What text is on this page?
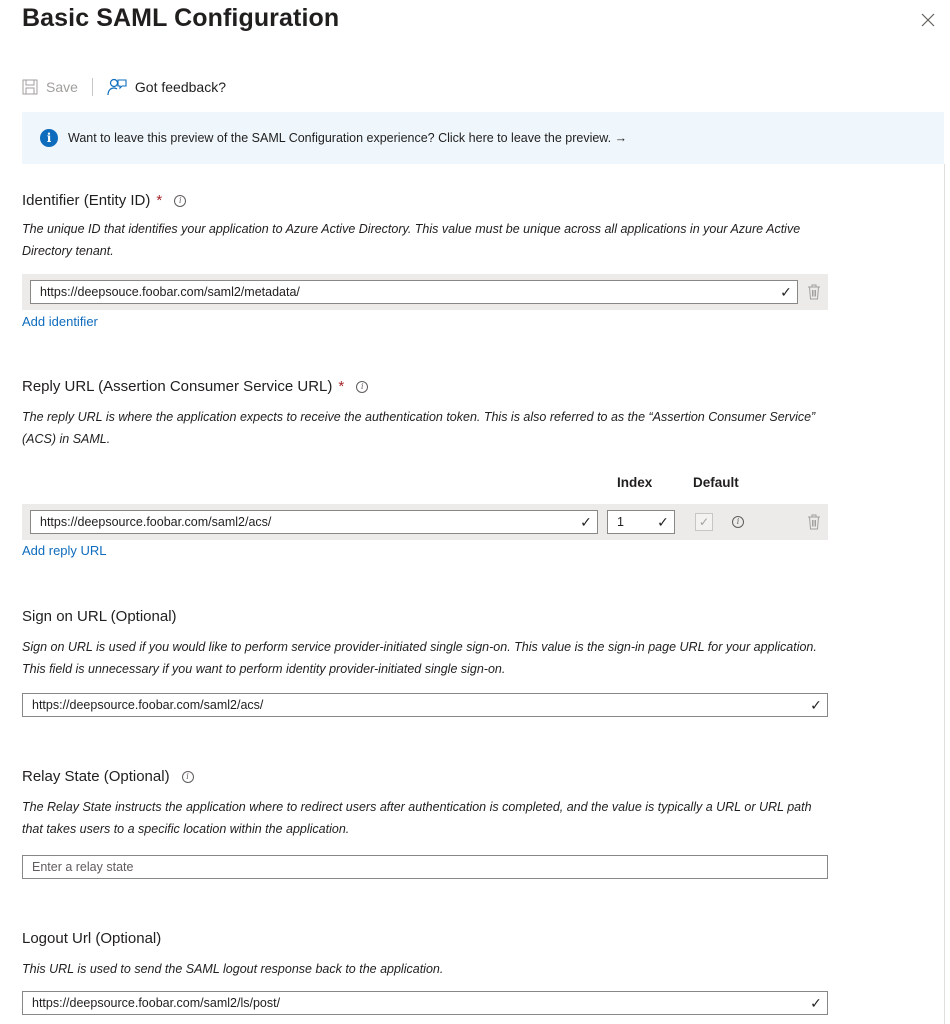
Basic SAML Configuration
Save	Got feedback?
i	Want to leave this preview of the SAML Configuration experience? Click here to leave the preview. →
Identifier (Entity ID) *	i
The unique ID that identifies your application to Azure Active Directory. This value must be unique across all applications in your Azure Active Directory tenant.
https://deepsouce.foobar.com/saml2/metadata/	✓
Add identifier
Reply URL (Assertion Consumer Service URL) *	i
The reply URL is where the application expects to receive the authentication token. This is also referred to as the “Assertion Consumer Service” (ACS) in SAML.
Index	Default
https://deepsource.foobar.com/saml2/acs/	✓	1	✓	✓	i
Add reply URL
Sign on URL (Optional)
Sign on URL is used if you would like to perform service provider-initiated single sign-on. This value is the sign-in page URL for your application. This field is unnecessary if you want to perform identity provider-initiated single sign-on.
https://deepsource.foobar.com/saml2/acs/	✓
Relay State (Optional)	i
The Relay State instructs the application where to redirect users after authentication is completed, and the value is typically a URL or URL path that takes users to a specific location within the application.
Enter a relay state
Logout Url (Optional)
This URL is used to send the SAML logout response back to the application.
https://deepsource.foobar.com/saml2/ls/post/	✓
